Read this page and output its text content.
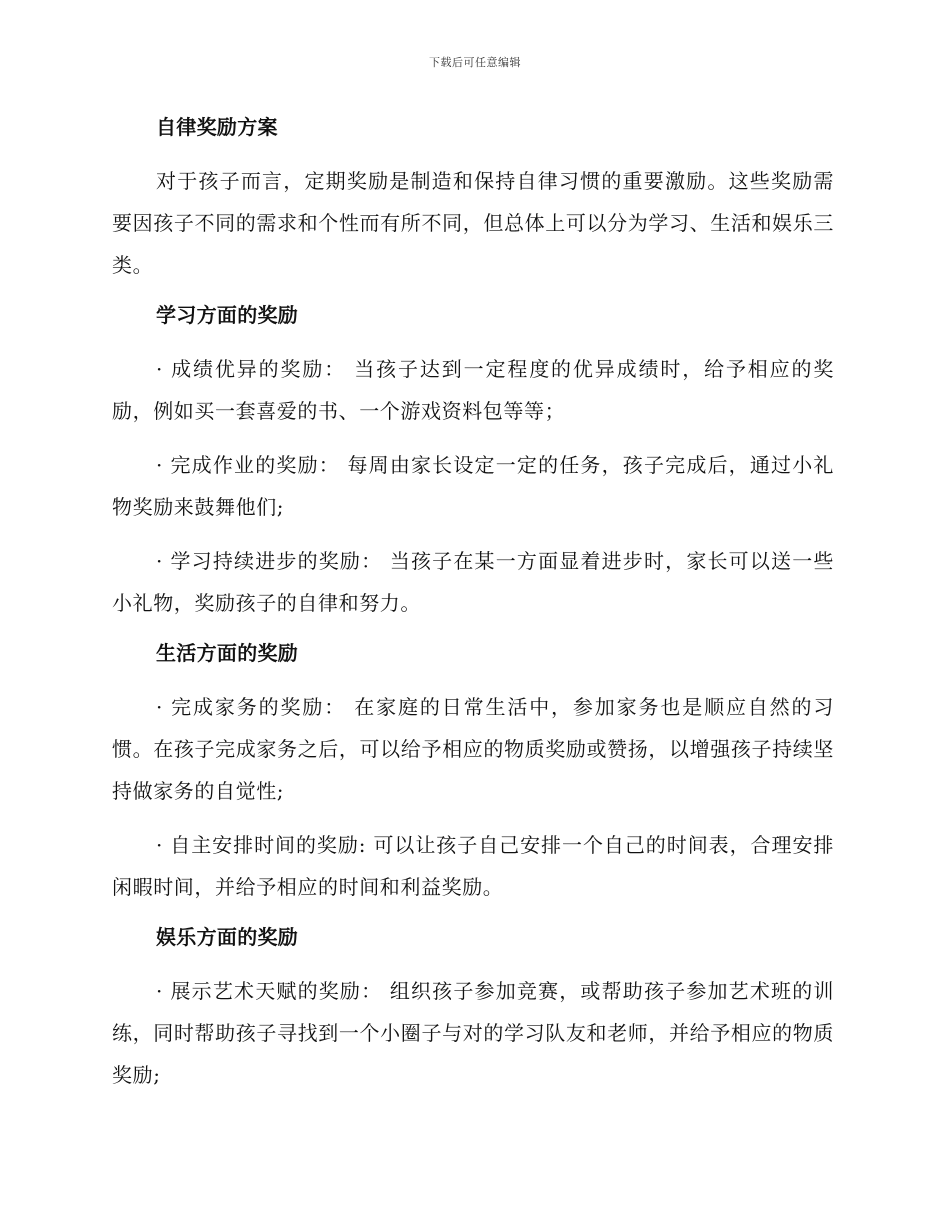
下载后可任意编辑
自律奖励方案

对于孩子而言，定期奖励是制造和保持自律习惯的重要激励。这些奖励需要因孩子不同的需求和个性而有所不同，但总体上可以分为学习、生活和娱乐三类。

学习方面的奖励

· 成绩优异的奖励： 当孩子达到一定程度的优异成绩时，给予相应的奖励，例如买一套喜爱的书、一个游戏资料包等等；

· 完成作业的奖励： 每周由家长设定一定的任务，孩子完成后，通过小礼物奖励来鼓舞他们;

· 学习持续进步的奖励： 当孩子在某一方面显着进步时，家长可以送一些小礼物，奖励孩子的自律和努力。

生活方面的奖励

· 完成家务的奖励： 在家庭的日常生活中，参加家务也是顺应自然的习惯。在孩子完成家务之后，可以给予相应的物质奖励或赞扬，以增强孩子持续坚持做家务的自觉性;

· 自主安排时间的奖励: 可以让孩子自己安排一个自己的时间表，合理安排闲暇时间，并给予相应的时间和利益奖励。

娱乐方面的奖励

· 展示艺术天赋的奖励： 组织孩子参加竞赛，或帮助孩子参加艺术班的训练，同时帮助孩子寻找到一个小圈子与对的学习队友和老师，并给予相应的物质奖励;
